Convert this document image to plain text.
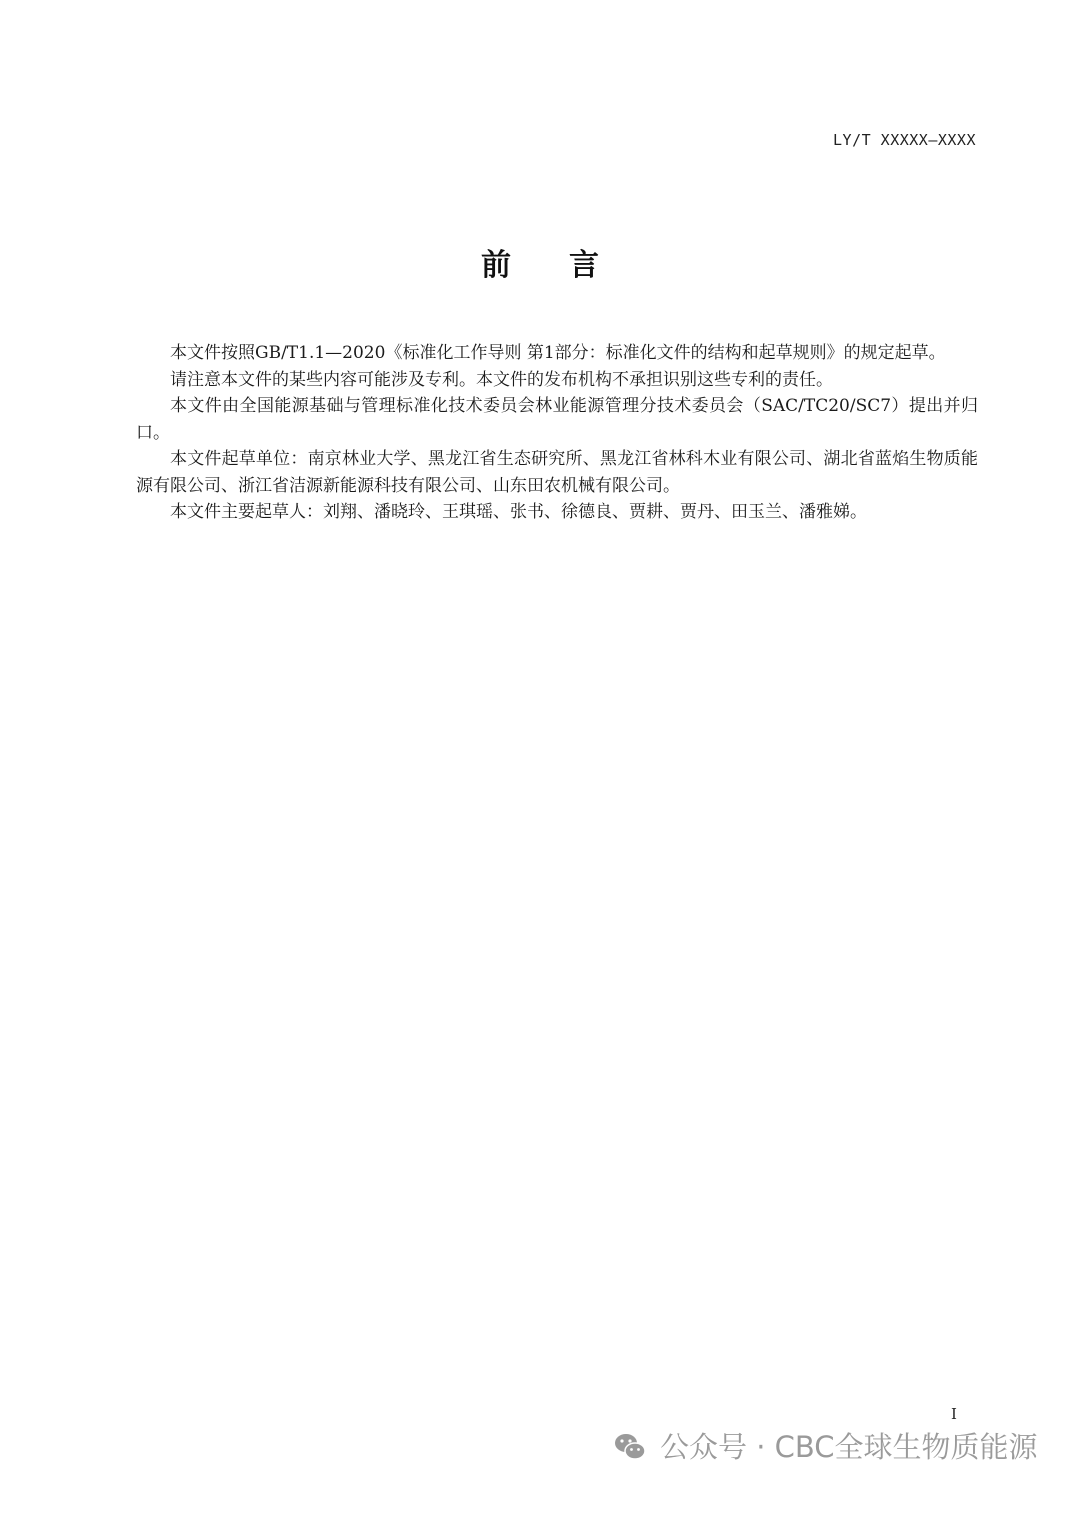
LY/T XXXXX—XXXX
前言

本文件按照GB/T1.1—2020《标准化工作导则 第1部分：标准化文件的结构和起草规则》的规定起草。

请注意本文件的某些内容可能涉及专利。本文件的发布机构不承担识别这些专利的责任。

本文件由全国能源基础与管理标准化技术委员会林业能源管理分技术委员会（SAC/TC20/SC7）提出并归口。

本文件起草单位：南京林业大学、黑龙江省生态研究所、黑龙江省林科木业有限公司、湖北省蓝焰生物质能源有限公司、浙江省洁源新能源科技有限公司、山东田农机械有限公司。

本文件主要起草人：刘翔、潘晓玲、王琪瑶、张书、徐德良、贾耕、贾丹、田玉兰、潘雅娣。

I
公众号 · CBC全球生物质能源
